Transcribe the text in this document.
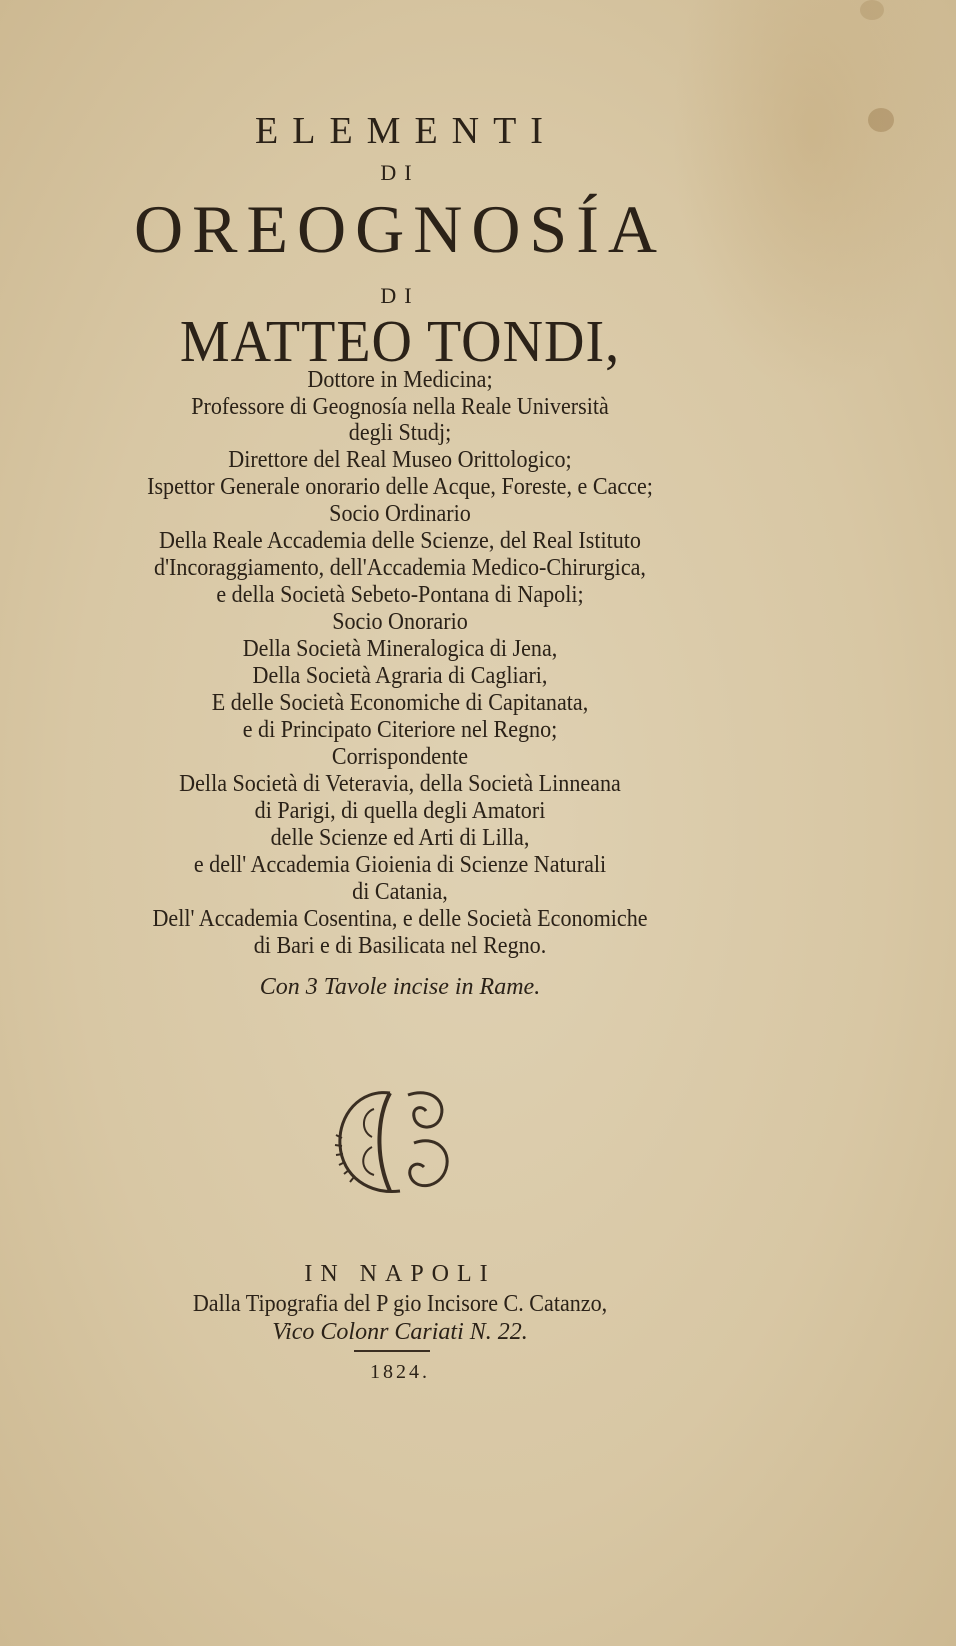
ELEMENTI
DI
OREOGNOSÍA
DI
MATTEO TONDI,
Dottore in Medicina;
Professore di Geognosía nella Reale Università
degli Studj;
Direttore del Real Museo Orittologico;
Ispettor Generale onorario delle Acque, Foreste, e Cacce;
Socio Ordinario
Della Reale Accademia delle Scienze, del Real Istituto
d'Incoraggiamento, dell'Accademia Medico-Chirurgica,
e della Società Sebeto-Pontana di Napoli;
Socio Onorario
Della Società Mineralogica di Jena,
Della Società Agraria di Cagliari,
E delle Società Economiche di Capitanata,
e di Principato Citeriore nel Regno;
Corrispondente
Della Società di Veteravia, della Società Linneana
di Parigi, di quella degli Amatori
delle Scienze ed Arti di Lilla,
e dell' Accademia Gioienia di Scienze Naturali
di Catania,
Dell' Accademia Cosentina, e delle Società Economiche
di Bari e di Basilicata nel Regno.
Con 3 Tavole incise in Rame.
IN NAPOLI
Dalla Tipografia del P gio Incisore C. Catanzo,
Vico Colonr Cariati N. 22.
1824.
